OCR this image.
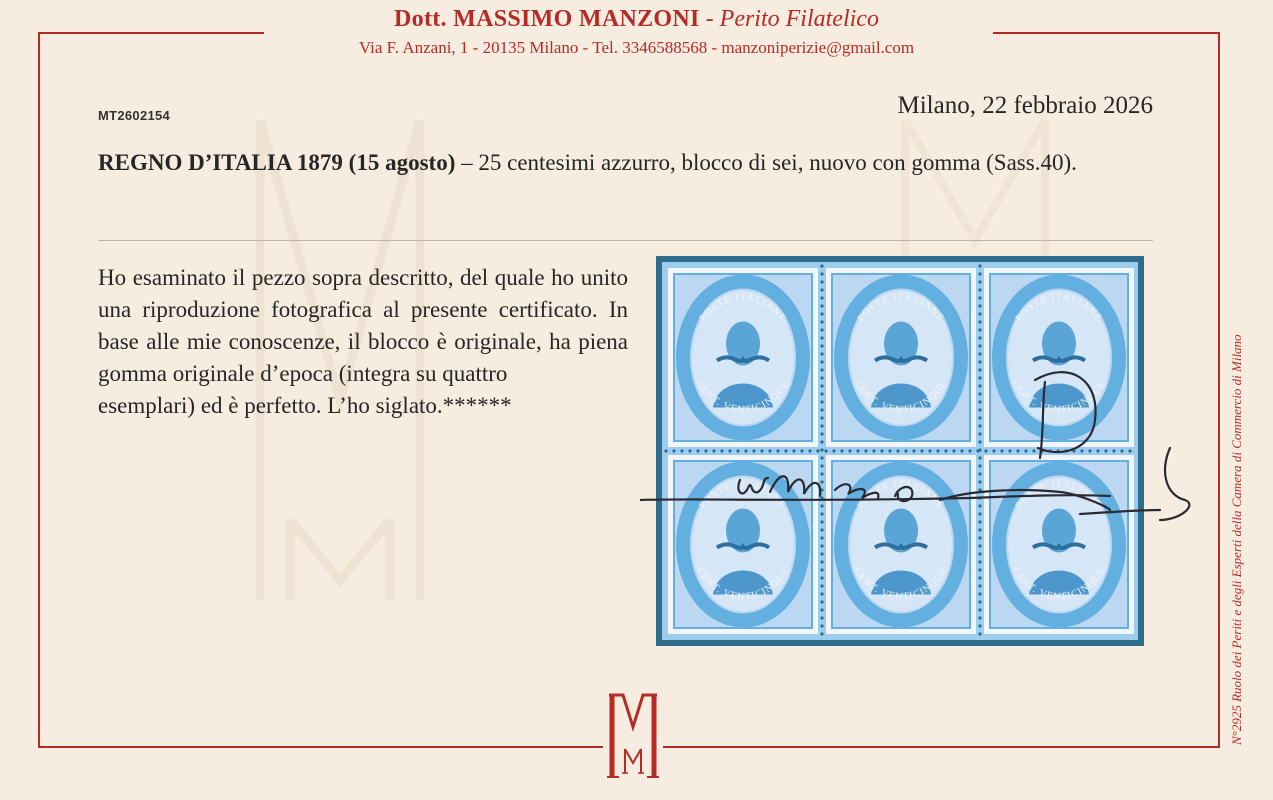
Dott. MASSIMO MANZONI - Perito Filatelico
Via F. Anzani, 1 - 20135 Milano - Tel. 3346588568 - manzoniperizie@gmail.com
MT2602154	Milano, 22 febbraio 2026
REGNO D’ITALIA 1879 (15 agosto) – 25 centesimi azzurro, blocco di sei, nuovo con gomma (Sass.40).
Ho esaminato il pezzo sopra descritto, del quale ho unito una riproduzione fotografica al presente certificato. In base alle mie conoscenze, il blocco è originale, ha piena gomma originale d’epoca (integra su quattro
esemplari) ed è perfetto. L’ho siglato.******
POSTE ITALIANE
CENT. VENTICINQUE
POSTE ITALIANE
CENT. VENTICINQUE
POSTE ITALIANE
CENT. VENTICINQUE
POSTE ITALIANE
CENT. VENTICINQUE
POSTE ITALIANE
CENT. VENTICINQUE
POSTE ITALIANE
CENT. VENTICINQUE	N°2925 Ruolo dei Periti e degli Esperti della Camera di Commercio di Milano
